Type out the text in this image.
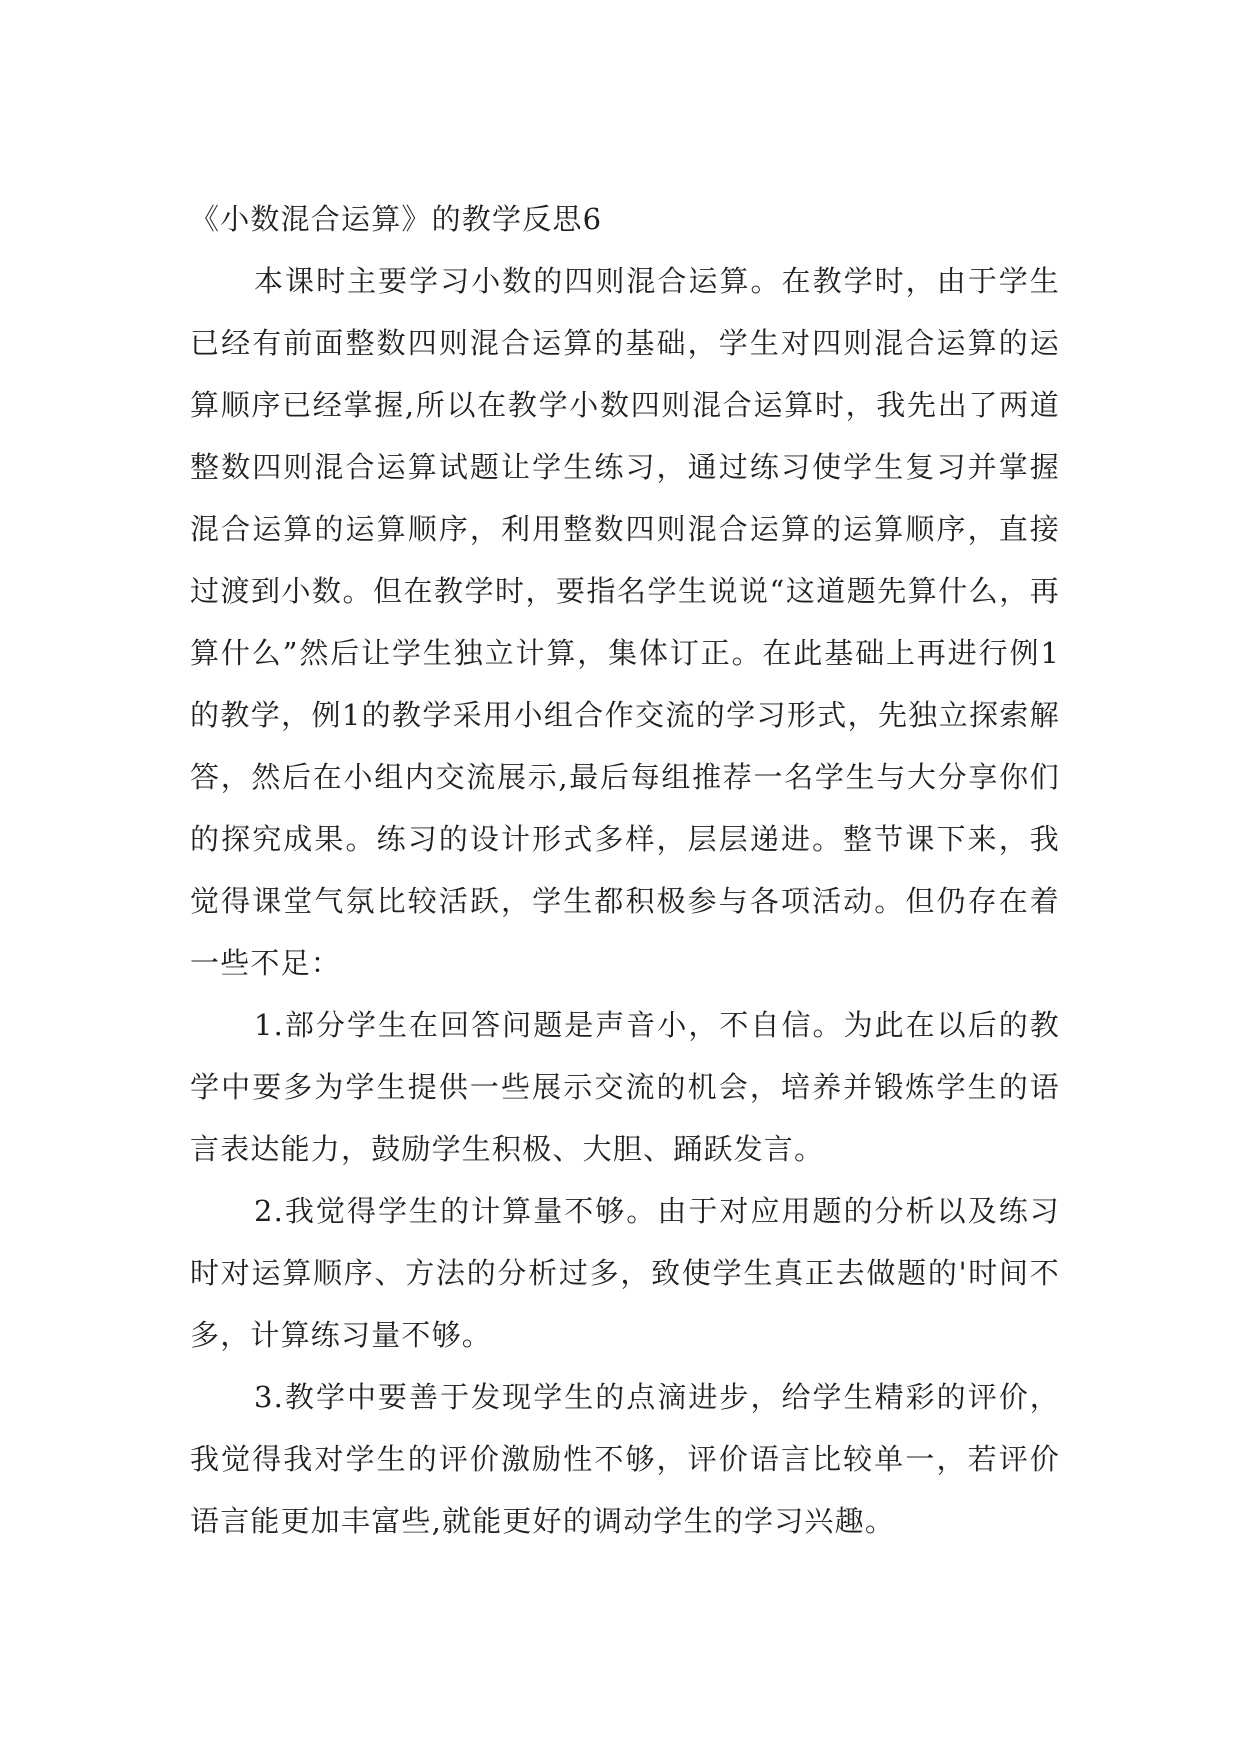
《小数混合运算》的教学反思6

本课时主要学习小数的四则混合运算。在教学时，由于学生已经有前面整数四则混合运算的基础，学生对四则混合运算的运算顺序已经掌握,所以在教学小数四则混合运算时，我先出了两道整数四则混合运算试题让学生练习，通过练习使学生复习并掌握混合运算的运算顺序，利用整数四则混合运算的运算顺序，直接过渡到小数。但在教学时，要指名学生说说“这道题先算什么，再算什么”然后让学生独立计算，集体订正。在此基础上再进行例1的教学，例1的教学采用小组合作交流的学习形式，先独立探索解答，然后在小组内交流展示,最后每组推荐一名学生与大分享你们的探究成果。练习的设计形式多样，层层递进。整节课下来，我觉得课堂气氛比较活跃，学生都积极参与各项活动。但仍存在着一些不足：

1.部分学生在回答问题是声音小，不自信。为此在以后的教学中要多为学生提供一些展示交流的机会，培养并锻炼学生的语言表达能力，鼓励学生积极、大胆、踊跃发言。

2.我觉得学生的计算量不够。由于对应用题的分析以及练习时对运算顺序、方法的分析过多，致使学生真正去做题的'时间不多，计算练习量不够。

3.教学中要善于发现学生的点滴进步，给学生精彩的评价，我觉得我对学生的评价激励性不够，评价语言比较单一，若评价语言能更加丰富些,就能更好的调动学生的学习兴趣。
